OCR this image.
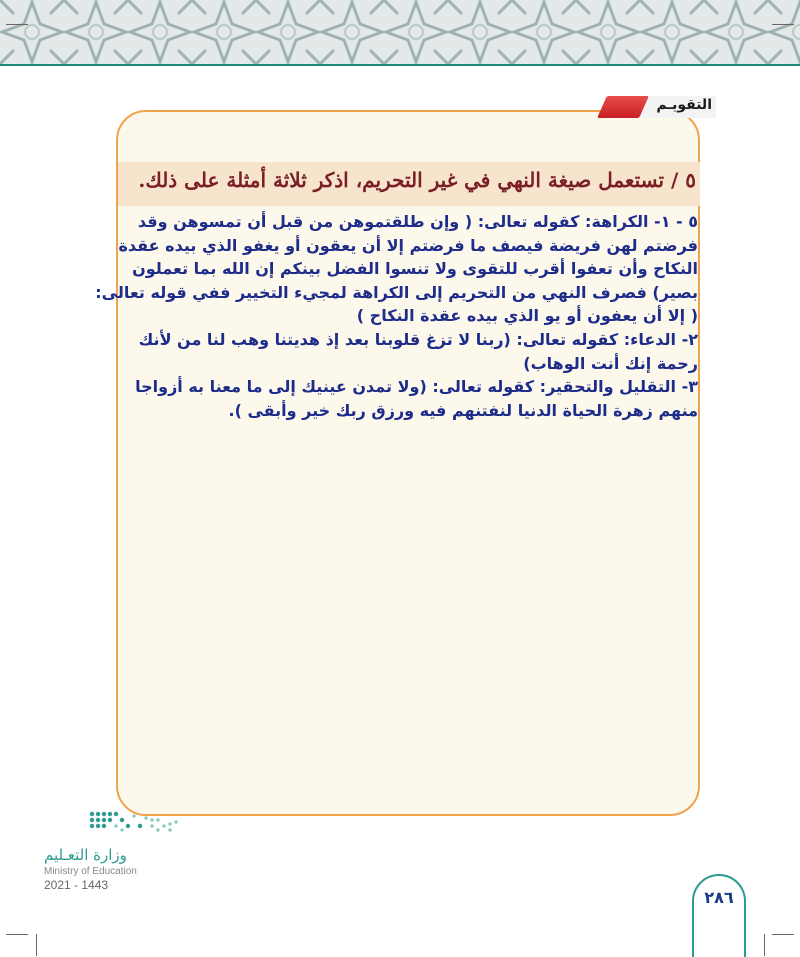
التقويـم
٥ / تستعمل صيغة النهي في غير التحريم، اذكر ثلاثة أمثلة على ذلك.
٥ - ١- الكراهة: كقوله تعالى: ( وإن طلقتموهن من قبل أن تمسوهن وقد
فرضتم لهن فريضة فيصف ما فرضتم إلا أن يعقون أو يغفو الذي بيده عقدة
النكاح وأن تعفوا أقرب للتقوى ولا تنسوا الفضل بينكم إن الله بما تعملون
بصير) فصرف النهي من التحريم إلى الكراهة لمجيء التخيير ففي قوله تعالى:
( إلا أن يعفون أو يو الذي بيده عقدة النكاح )
٢- الدعاء: كقوله تعالى: (ربنا لا تزغ قلوبنا بعد إذ هديتنا وهب لنا من لأنك
رحمة إنك أنت الوهاب)
٣- التقليل والتحقير: كقوله تعالى: (ولا تمدن عينيك إلى ما معنا به أزواجا
منهم زهرة الحياة الدنيا لنفتنهم فيه ورزق ربك خير وأبقى ).
وزارة التعـليم
Ministry of Education
2021 - 1443
٢٨٦
